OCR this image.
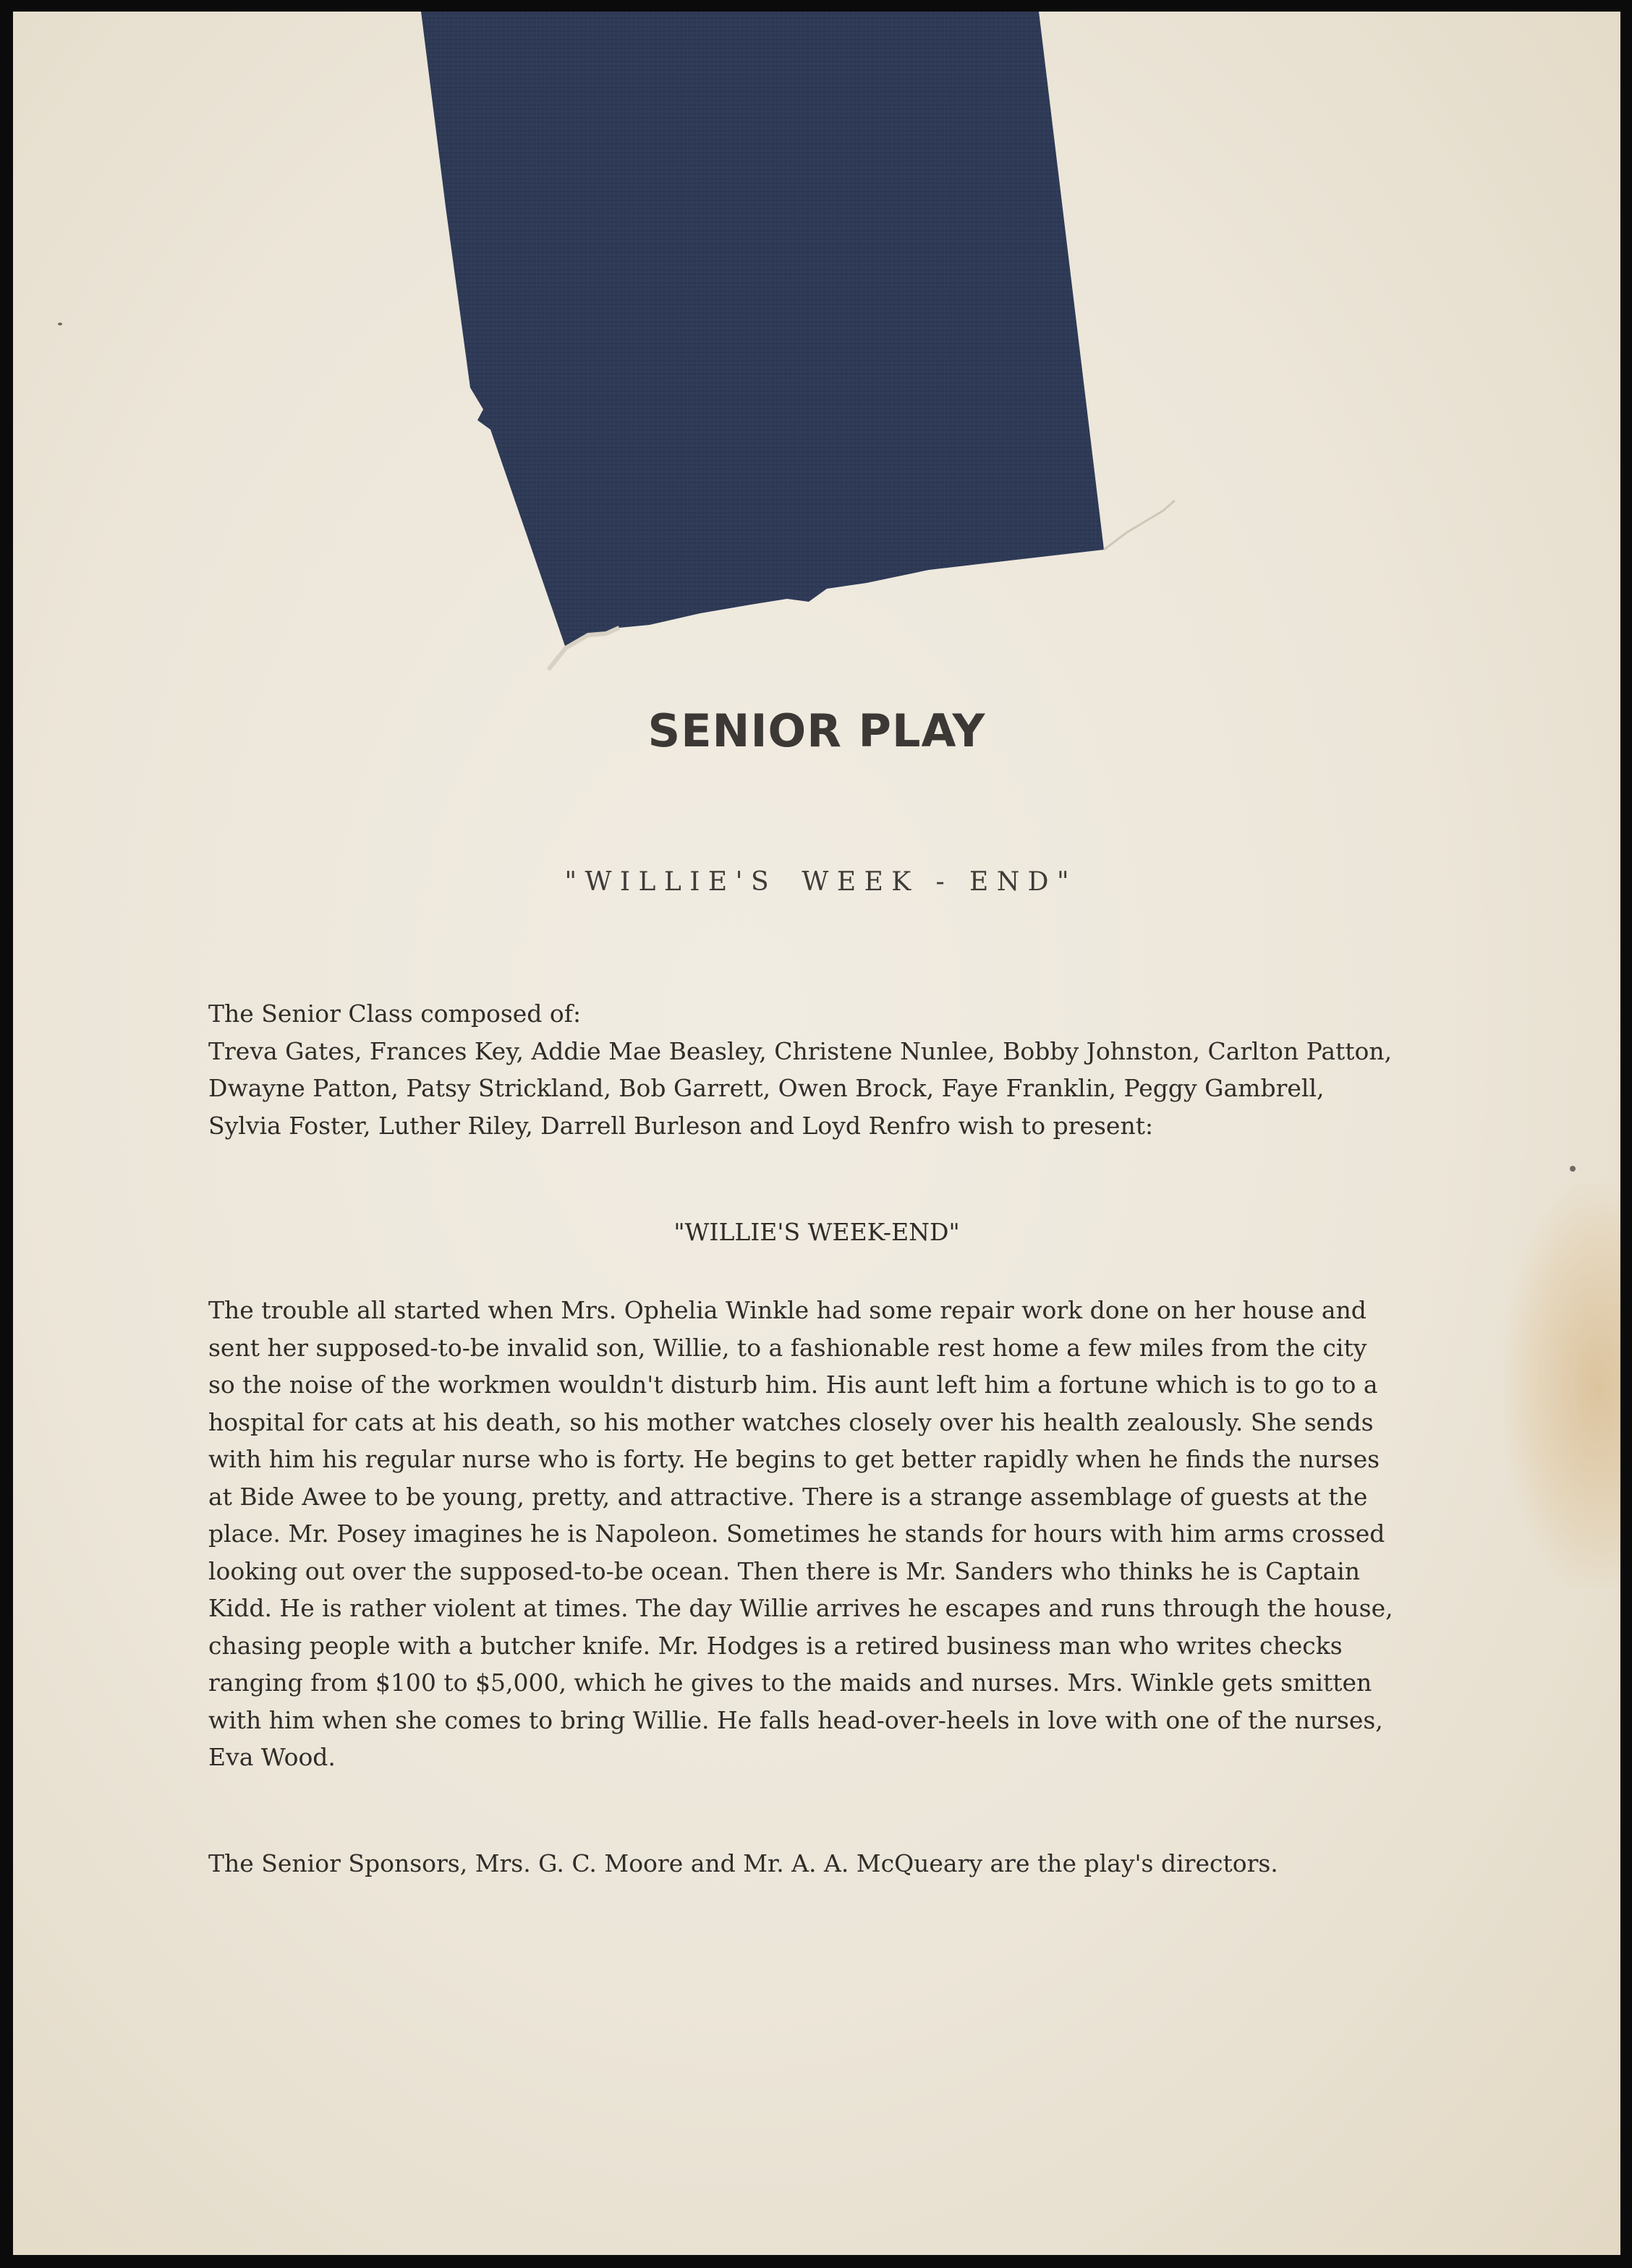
SENIOR PLAY
" W I L L I E ' S    W E E K   -   E N D "
The Senior Class composed of:
Treva Gates, Frances Key, Addie Mae Beasley, Christene Nunlee, Bobby Johnston, Carlton Patton, Dwayne Patton, Patsy Strickland, Bob Garrett, Owen Brock, Faye Franklin, Peggy Gambrell, Sylvia Foster, Luther Riley, Darrell Burleson and Loyd Renfro wish to present:
"WILLIE'S WEEK-END"
The trouble all started when Mrs. Ophelia Winkle had some repair work done on her house and sent her supposed-to-be invalid son, Willie, to a fashionable rest home a few miles from the city so the noise of the workmen wouldn't disturb him. His aunt left him a fortune which is to go to a hospital for cats at his death, so his mother watches closely over his health zealously. She sends with him his regular nurse who is forty. He begins to get better rapidly when he finds the nurses at Bide Awee to be young, pretty, and attractive. There is a strange assemblage of guests at the place. Mr. Posey imagines he is Napoleon. Sometimes he stands for hours with him arms crossed looking out over the supposed-to-be ocean. Then there is Mr. Sanders who thinks he is Captain Kidd. He is rather violent at times. The day Willie arrives he escapes and runs through the house, chasing people with a butcher knife. Mr. Hodges is a retired business man who writes checks ranging from $100 to $5,000, which he gives to the maids and nurses. Mrs. Winkle gets smitten with him when she comes to bring Willie. He falls head-over-heels in love with one of the nurses, Eva Wood.
The Senior Sponsors, Mrs. G. C. Moore and Mr. A. A. McQueary are the play's directors.
